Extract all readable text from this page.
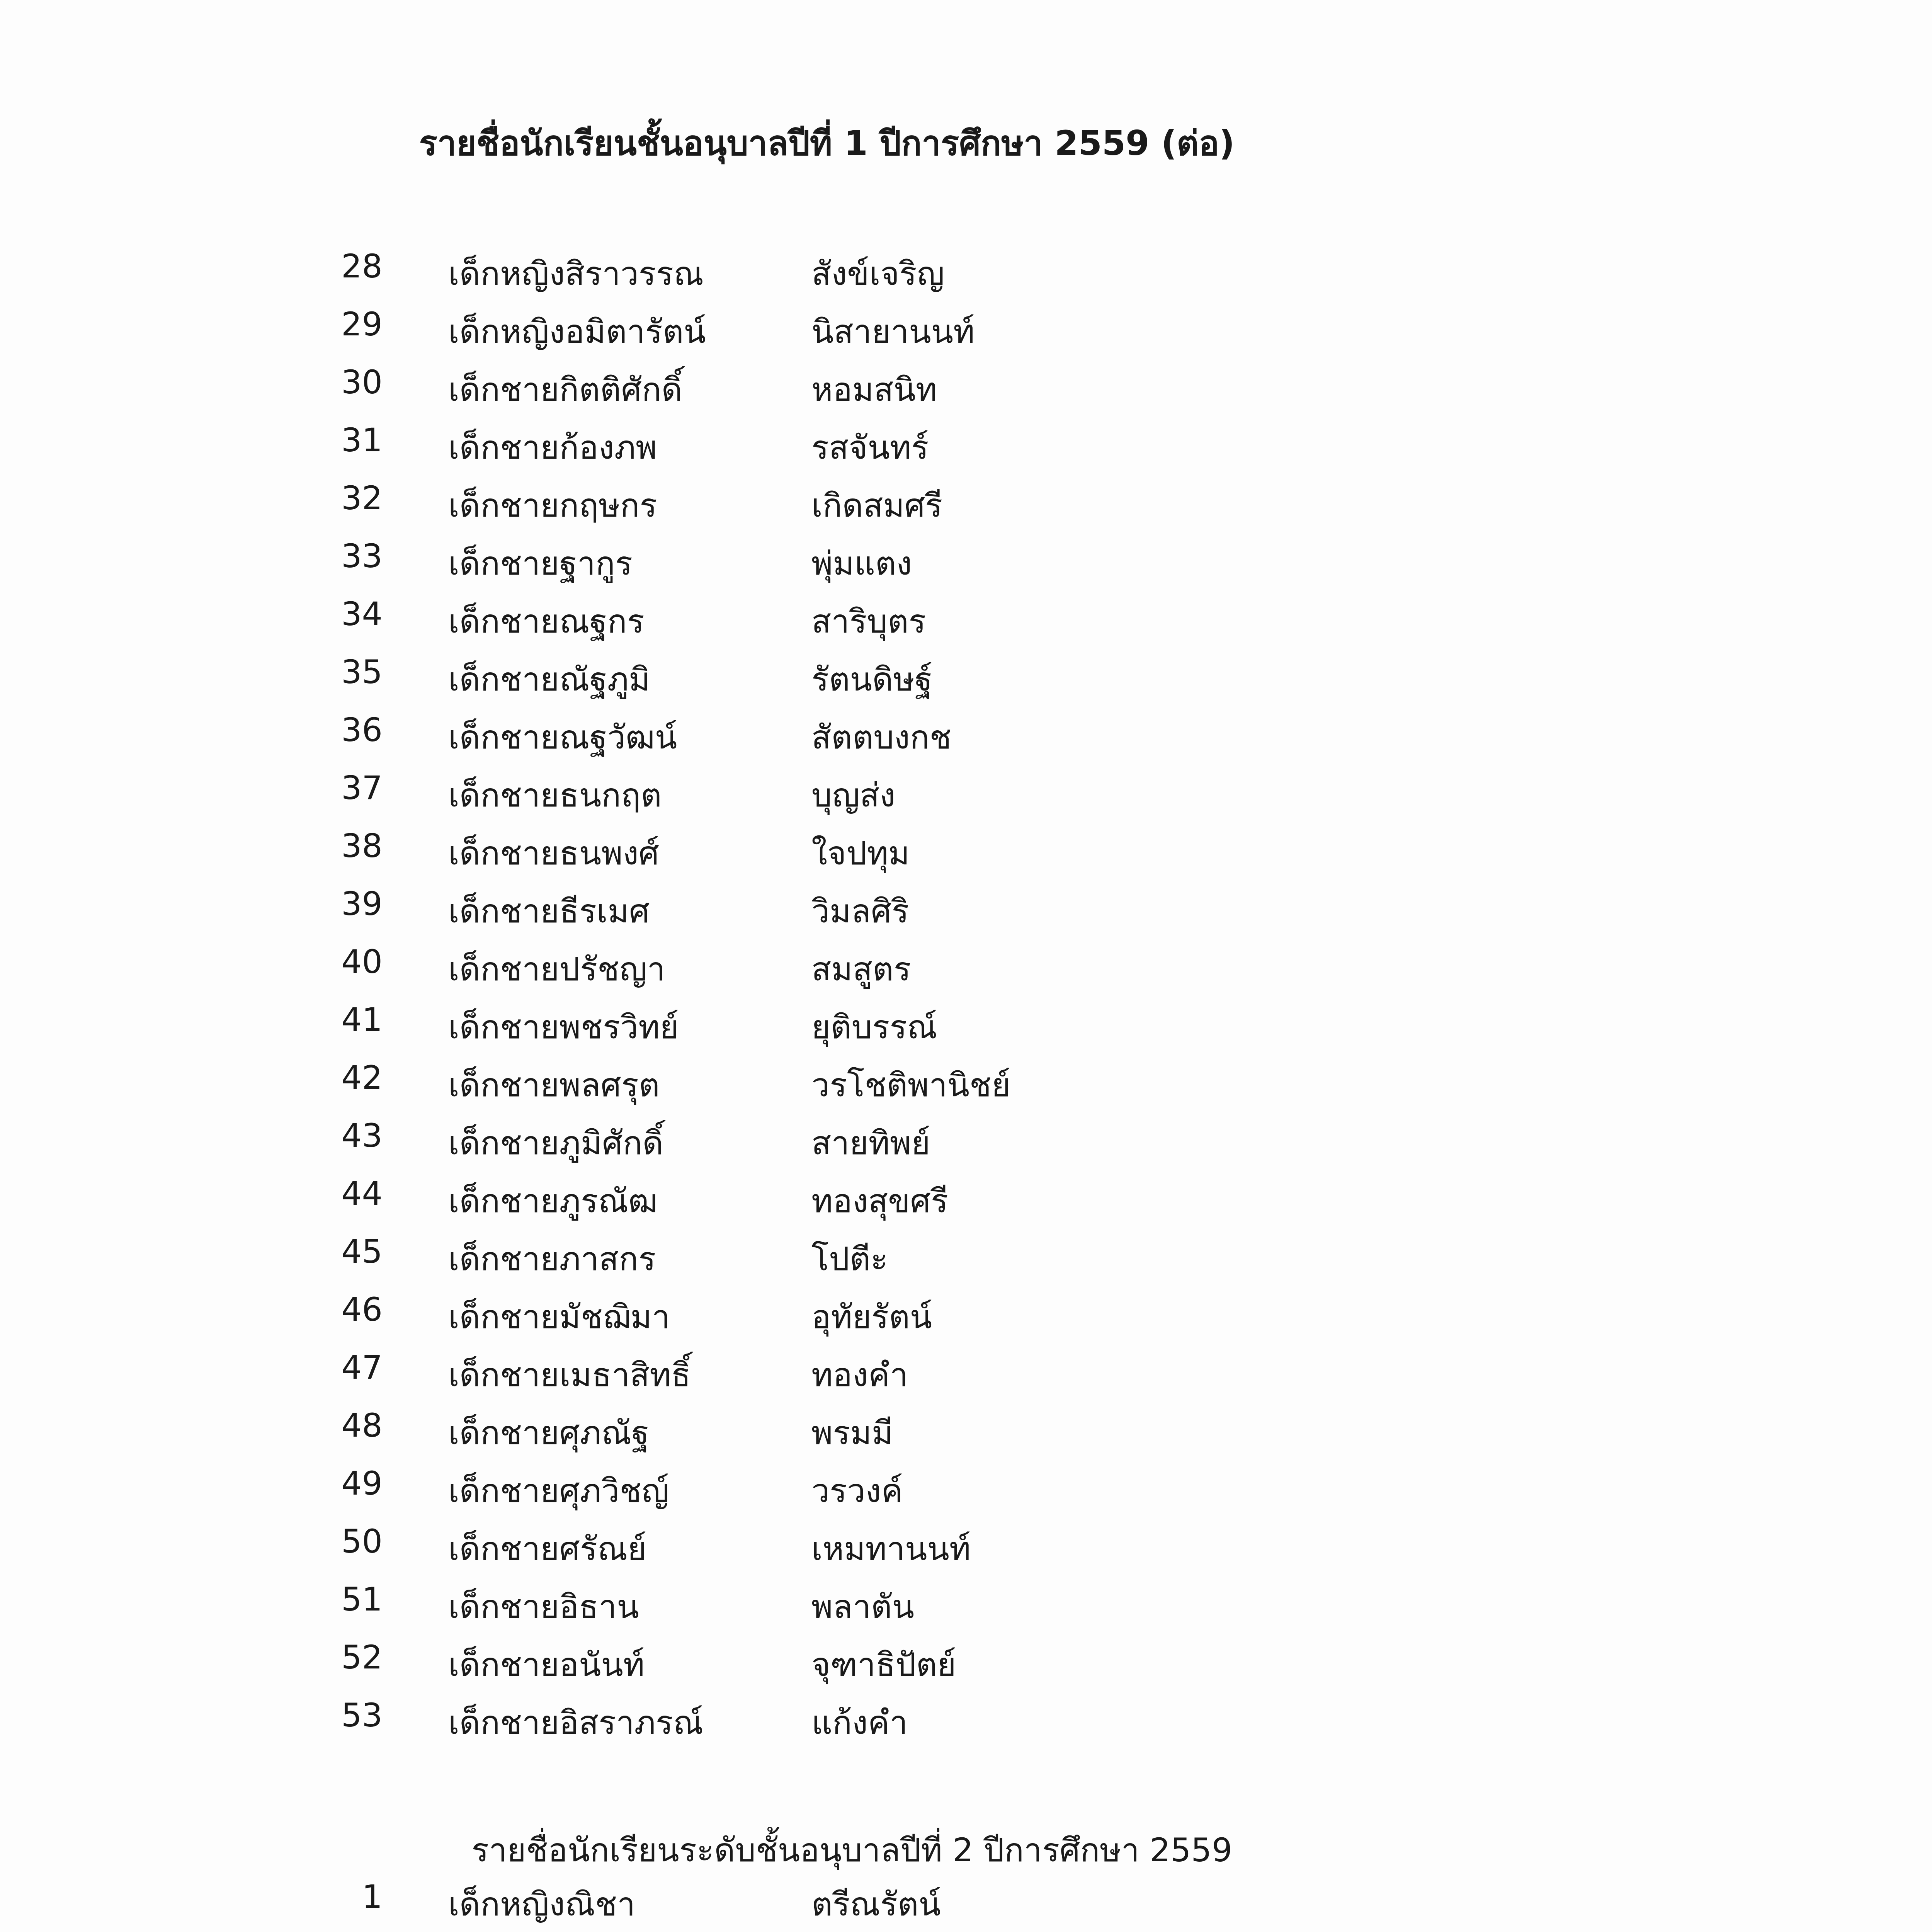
รายชื่อนักเรียนชั้นอนุบาลปีที่ 1 ปีการศึกษา 2559 (ต่อ)
28 เด็กหญิงสิราวรรณ	สังข์เจริญ
29 เด็กหญิงอมิตารัตน์	นิสายานนท์
30 เด็กชายกิตติศักดิ์	หอมสนิท
31 เด็กชายก้องภพ	รสจันทร์
32 เด็กชายกฤษกร	เกิดสมศรี
33 เด็กชายฐากูร	พุ่มแตง
34 เด็กชายณฐกร	สาริบุตร
35 เด็กชายณัฐภูมิ	รัตนดิษฐ์
36 เด็กชายณฐวัฒน์	สัตตบงกช
37 เด็กชายธนกฤต	บุญส่ง
38 เด็กชายธนพงศ์	ใจปทุม
39 เด็กชายธีรเมศ	วิมลศิริ
40 เด็กชายปรัชญา	สมสูตร
41 เด็กชายพชรวิทย์	ยุติบรรณ์
42 เด็กชายพลศรุต	วรโชติพานิชย์
43 เด็กชายภูมิศักดิ์	สายทิพย์
44 เด็กชายภูรณัฒ	ทองสุขศรี
45 เด็กชายภาสกร	โปตีะ
46 เด็กชายมัชฌิมา	อุทัยรัตน์
47 เด็กชายเมธาสิทธิ์	ทองคำ
48 เด็กชายศุภณัฐ	พรมมี
49 เด็กชายศุภวิชญ์	วรวงค์
50 เด็กชายศรัณย์	เหมทานนท์
51 เด็กชายอิธาน	พลาตัน
52 เด็กชายอนันท์	จุฑาธิปัตย์
53 เด็กชายอิสราภรณ์	แก้งคำ
รายชื่อนักเรียนระดับชั้นอนุบาลปีที่ 2 ปีการศึกษา 2559
1 เด็กหญิงณิชา	ตรีณรัตน์
